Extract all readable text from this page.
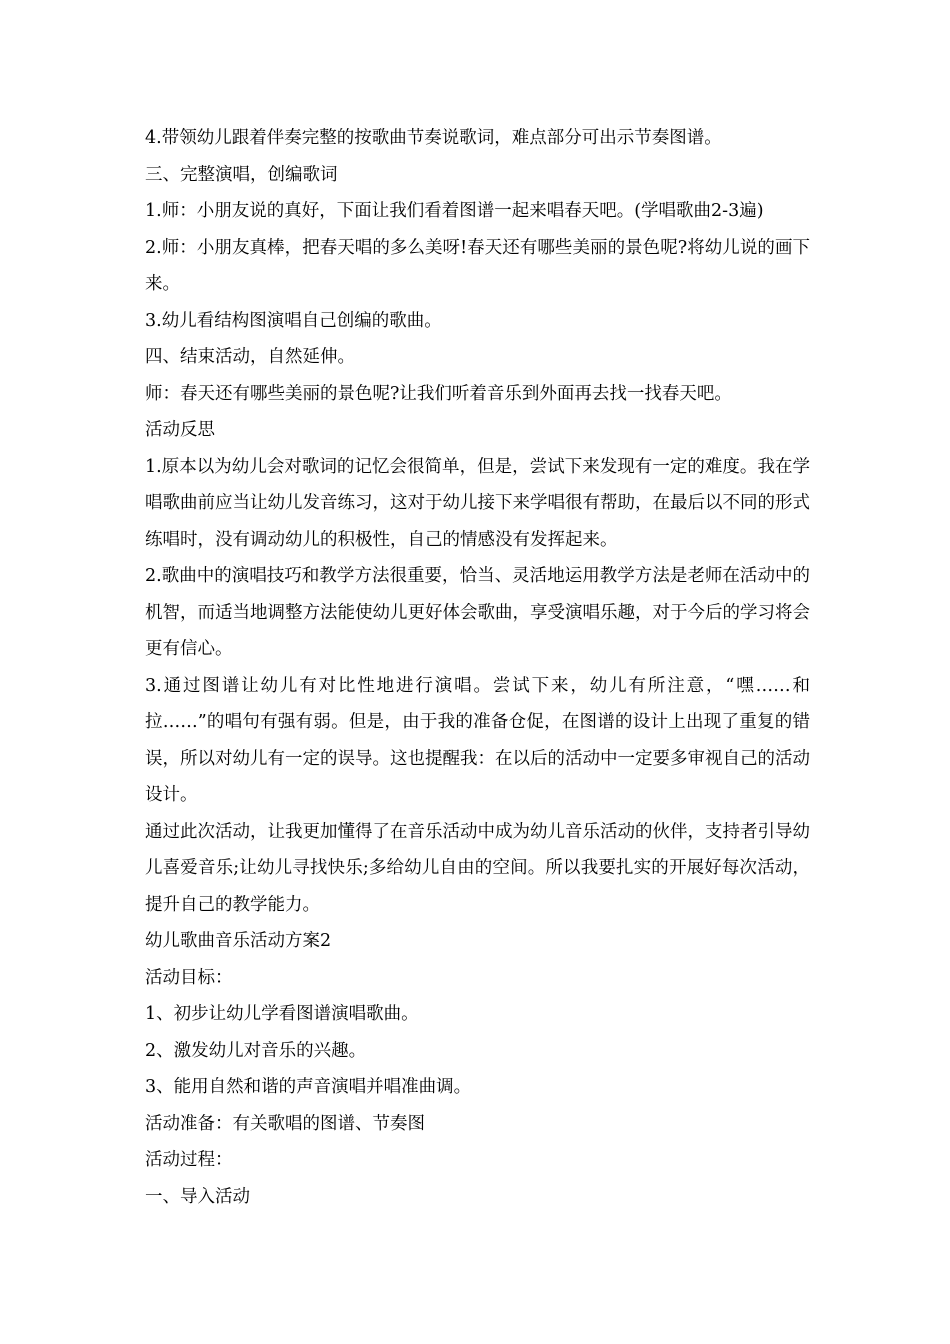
4.带领幼儿跟着伴奏完整的按歌曲节奏说歌词，难点部分可出示节奏图谱。

三、完整演唱，创编歌词

1.师：小朋友说的真好，下面让我们看着图谱一起来唱春天吧。(学唱歌曲2-3遍)

2.师：小朋友真棒，把春天唱的多么美呀!春天还有哪些美丽的景色呢?将幼儿说的画下来。

3.幼儿看结构图演唱自己创编的歌曲。

四、结束活动，自然延伸。

师：春天还有哪些美丽的景色呢?让我们听着音乐到外面再去找一找春天吧。

活动反思

1.原本以为幼儿会对歌词的记忆会很简单，但是，尝试下来发现有一定的难度。我在学唱歌曲前应当让幼儿发音练习，这对于幼儿接下来学唱很有帮助，在最后以不同的形式练唱时，没有调动幼儿的积极性，自己的情感没有发挥起来。

2.歌曲中的演唱技巧和教学方法很重要，恰当、灵活地运用教学方法是老师在活动中的机智，而适当地调整方法能使幼儿更好体会歌曲，享受演唱乐趣，对于今后的学习将会更有信心。

3.通过图谱让幼儿有对比性地进行演唱。尝试下来，幼儿有所注意，“嘿……和拉……”的唱句有强有弱。但是，由于我的准备仓促，在图谱的设计上出现了重复的错误，所以对幼儿有一定的误导。这也提醒我：在以后的活动中一定要多审视自己的活动设计。

通过此次活动，让我更加懂得了在音乐活动中成为幼儿音乐活动的伙伴，支持者引导幼儿喜爱音乐;让幼儿寻找快乐;多给幼儿自由的空间。所以我要扎实的开展好每次活动，提升自己的教学能力。

幼儿歌曲音乐活动方案2

活动目标：

1、初步让幼儿学看图谱演唱歌曲。

2、激发幼儿对音乐的兴趣。

3、能用自然和谐的声音演唱并唱准曲调。

活动准备：有关歌唱的图谱、节奏图

活动过程：

一、导入活动
